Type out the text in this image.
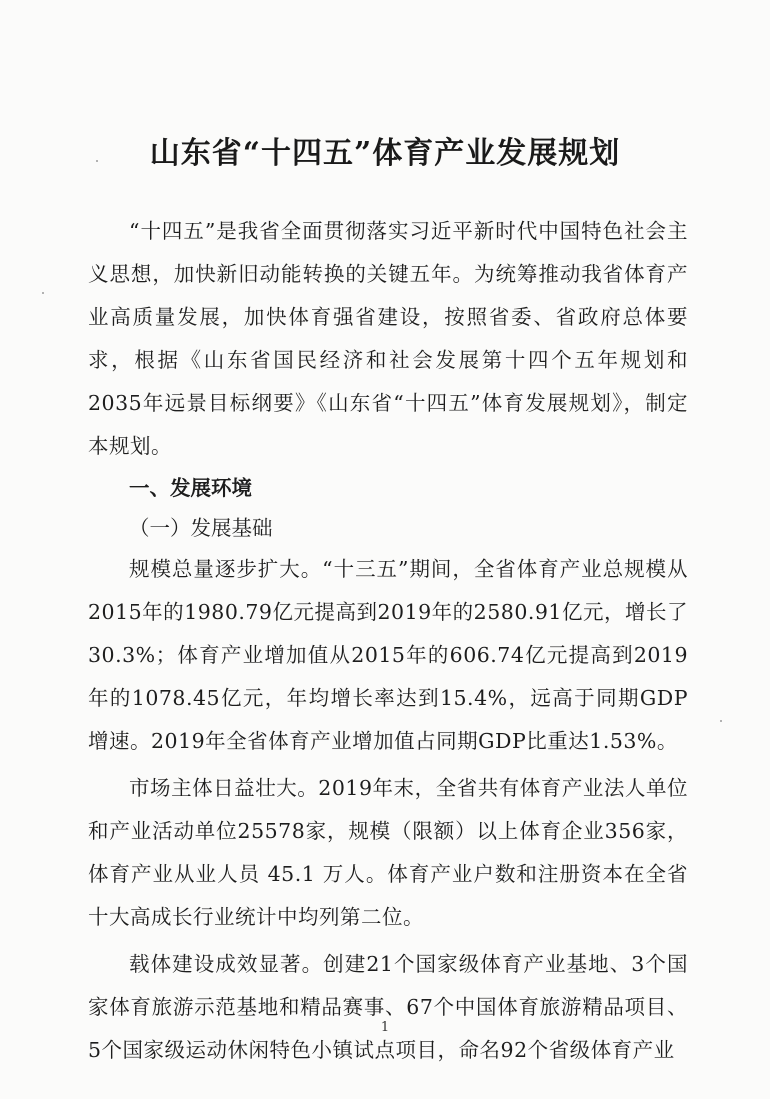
山东省“十四五”体育产业发展规划

“十四五”是我省全面贯彻落实习近平新时代中国特色社会主义思想，加快新旧动能转换的关键五年。为统筹推动我省体育产业高质量发展，加快体育强省建设，按照省委、省政府总体要求，根据《山东省国民经济和社会发展第十四个五年规划和2035年远景目标纲要》《山东省“十四五”体育发展规划》，制定本规划。

一、发展环境

（一）发展基础

规模总量逐步扩大。“十三五”期间，全省体育产业总规模从2015年的1980.79亿元提高到2019年的2580.91亿元，增长了30.3%；体育产业增加值从2015年的606.74亿元提高到2019年的1078.45亿元，年均增长率达到15.4%，远高于同期GDP增速。2019年全省体育产业增加值占同期GDP比重达1.53%。

市场主体日益壮大。2019年末，全省共有体育产业法人单位和产业活动单位25578家，规模（限额）以上体育企业356家，体育产业从业人员 45.1 万人。体育产业户数和注册资本在全省十大高成长行业统计中均列第二位。

载体建设成效显著。创建21个国家级体育产业基地、3个国家体育旅游示范基地和精品赛事、67个中国体育旅游精品项目、5个国家级运动休闲特色小镇试点项目，命名92个省级体育产业

1
